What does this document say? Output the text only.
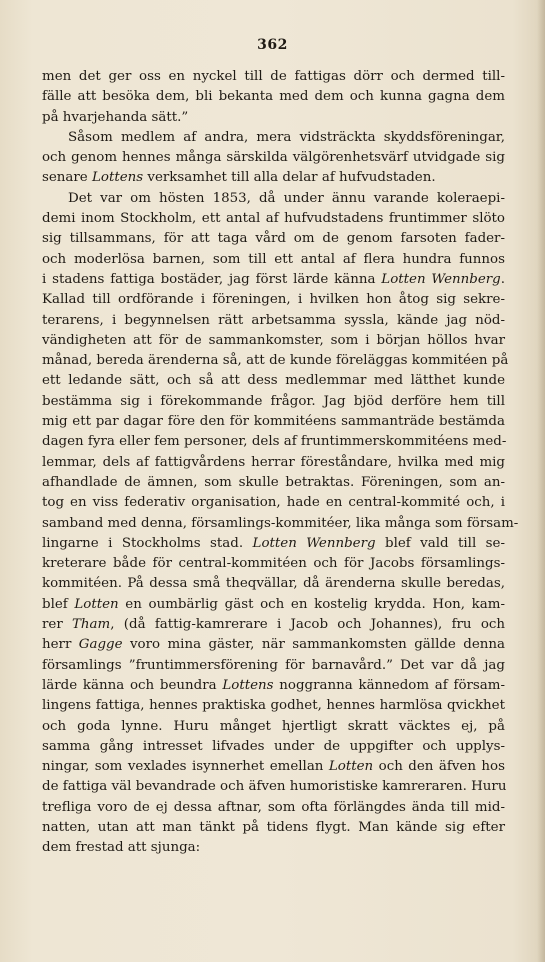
362
men det ger oss en nyckel till de fattigas dörr och dermed till-
fälle att besöka dem, bli bekanta med dem och kunna gagna dem
på hvarjehanda sätt.”
Såsom medlem af andra, mera vidsträckta skyddsföreningar,
och genom hennes många särskilda välgörenhetsvärf utvidgade sig
senare Lottens verksamhet till alla delar af hufvudstaden.
Det var om hösten 1853, då under ännu varande koleraepi-
demi inom Stockholm, ett antal af hufvudstadens fruntimmer slöto
sig tillsammans, för att taga vård om de genom farsoten fader-
och moderlösa barnen, som till ett antal af flera hundra funnos
i stadens fattiga bostäder, jag först lärde känna Lotten Wennberg.
Kallad till ordförande i föreningen, i hvilken hon åtog sig sekre-
terarens, i begynnelsen rätt arbetsamma syssla, kände jag nöd-
vändigheten att för de sammankomster, som i början höllos hvar
månad, bereda ärenderna så, att de kunde föreläggas kommitéen på
ett ledande sätt, och så att dess medlemmar med lätthet kunde
bestämma sig i förekommande frågor. Jag bjöd derföre hem till
mig ett par dagar före den för kommitéens sammanträde bestämda
dagen fyra eller fem personer, dels af fruntimmerskommitéens med-
lemmar, dels af fattigvårdens herrar föreståndare, hvilka med mig
afhandlade de ämnen, som skulle betraktas. Föreningen, som an-
tog en viss federativ organisation, hade en central-kommité och, i
samband med denna, församlings-kommitéer, lika många som försam-
lingarne i Stockholms stad. Lotten Wennberg blef vald till se-
kreterare både för central-kommitéen och för Jacobs församlings-
kommitéen. På dessa små theqvällar, då ärenderna skulle beredas,
blef Lotten en oumbärlig gäst och en kostelig krydda. Hon, kam-
rer Tham, (då fattig-kamrerare i Jacob och Johannes), fru och
herr Gagge voro mina gäster, när sammankomsten gällde denna
församlings ”fruntimmersförening för barnavård.” Det var då jag
lärde känna och beundra Lottens noggranna kännedom af försam-
lingens fattiga, hennes praktiska godhet, hennes harmlösa qvickhet
och goda lynne. Huru månget hjertligt skratt väcktes ej, på
samma gång intresset lifvades under de uppgifter och upplys-
ningar, som vexlades isynnerhet emellan Lotten och den äfven hos
de fattiga väl bevandrade och äfven humoristiske kamreraren. Huru
trefliga voro de ej dessa aftnar, som ofta förlängdes ända till mid-
natten, utan att man tänkt på tidens flygt. Man kände sig efter
dem frestad att sjunga:
